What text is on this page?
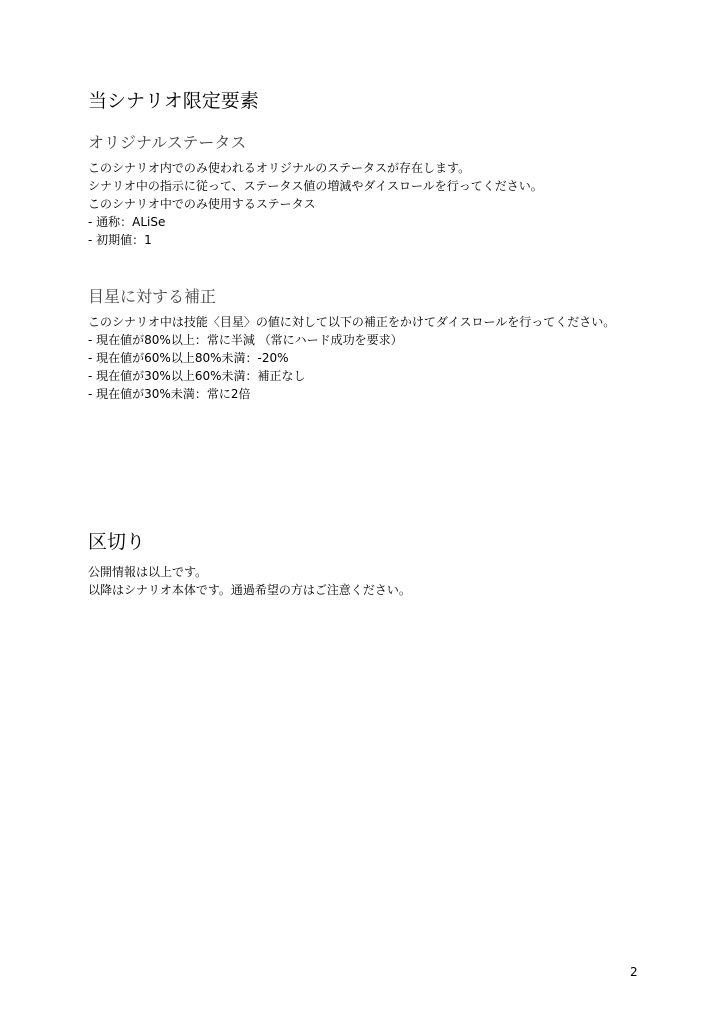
当シナリオ限定要素
オリジナルステータス
このシナリオ内でのみ使われるオリジナルのステータスが存在します。
シナリオ中の指示に従って、ステータス値の増減やダイスロールを行ってください。
このシナリオ中でのみ使用するステータス
- 通称：ALiSe
- 初期値：1
目星に対する補正
このシナリオ中は技能〈目星〉の値に対して以下の補正をかけてダイスロールを行ってください。
- 現在値が80%以上：常に半減 （常にハード成功を要求）
- 現在値が60%以上80%未満：-20%
- 現在値が30%以上60%未満：補正なし
- 現在値が30%未満：常に2倍
区切り
公開情報は以上です。
以降はシナリオ本体です。通過希望の方はご注意ください。
2
